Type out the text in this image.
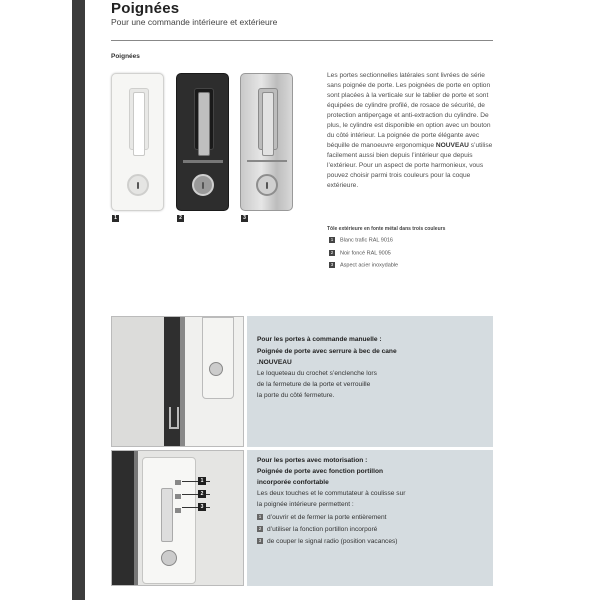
Poignées
Pour une commande intérieure et extérieure
Poignées
1	2	3
Les portes sectionnelles latérales sont livrées de série sans poignée de porte. Les poignées de porte en option sont placées à la verticale sur le tablier de porte et sont équipées de cylindre profilé, de rosace de sécurité, de protection antiperçage et anti-extraction du cylindre. De plus, le cylindre est disponible en option avec un bouton du côté intérieur. La poignée de porte élégante avec béquille de manoeuvre ergonomique NOUVEAU s’utilise facilement aussi bien depuis l’intérieur que depuis l’extérieur. Pour un aspect de porte harmonieux, vous pouvez choisir parmi trois couleurs pour la coque extérieure.
Tôle extérieure en fonte métal dans trois couleurs
1 Blanc trafic RAL 9016
2 Noir foncé RAL 9005
3 Aspect acier inoxydable
Pour les portes à commande manuelle :
Poignée de porte avec serrure à bec de cane
.NOUVEAU
Le loqueteau du crochet s’enclenche lors
de la fermeture de la porte et verrouille
la porte du côté fermeture.
1
2
3
Pour les portes avec motorisation :
Poignée de porte avec fonction portillon
incorporée confortable
Les deux touches et le commutateur à coulisse sur
la poignée intérieure permettent :
1 d’ouvrir et de fermer la porte entièrement
2 d’utiliser la fonction portillon incorporé
3 de couper le signal radio (position vacances)
